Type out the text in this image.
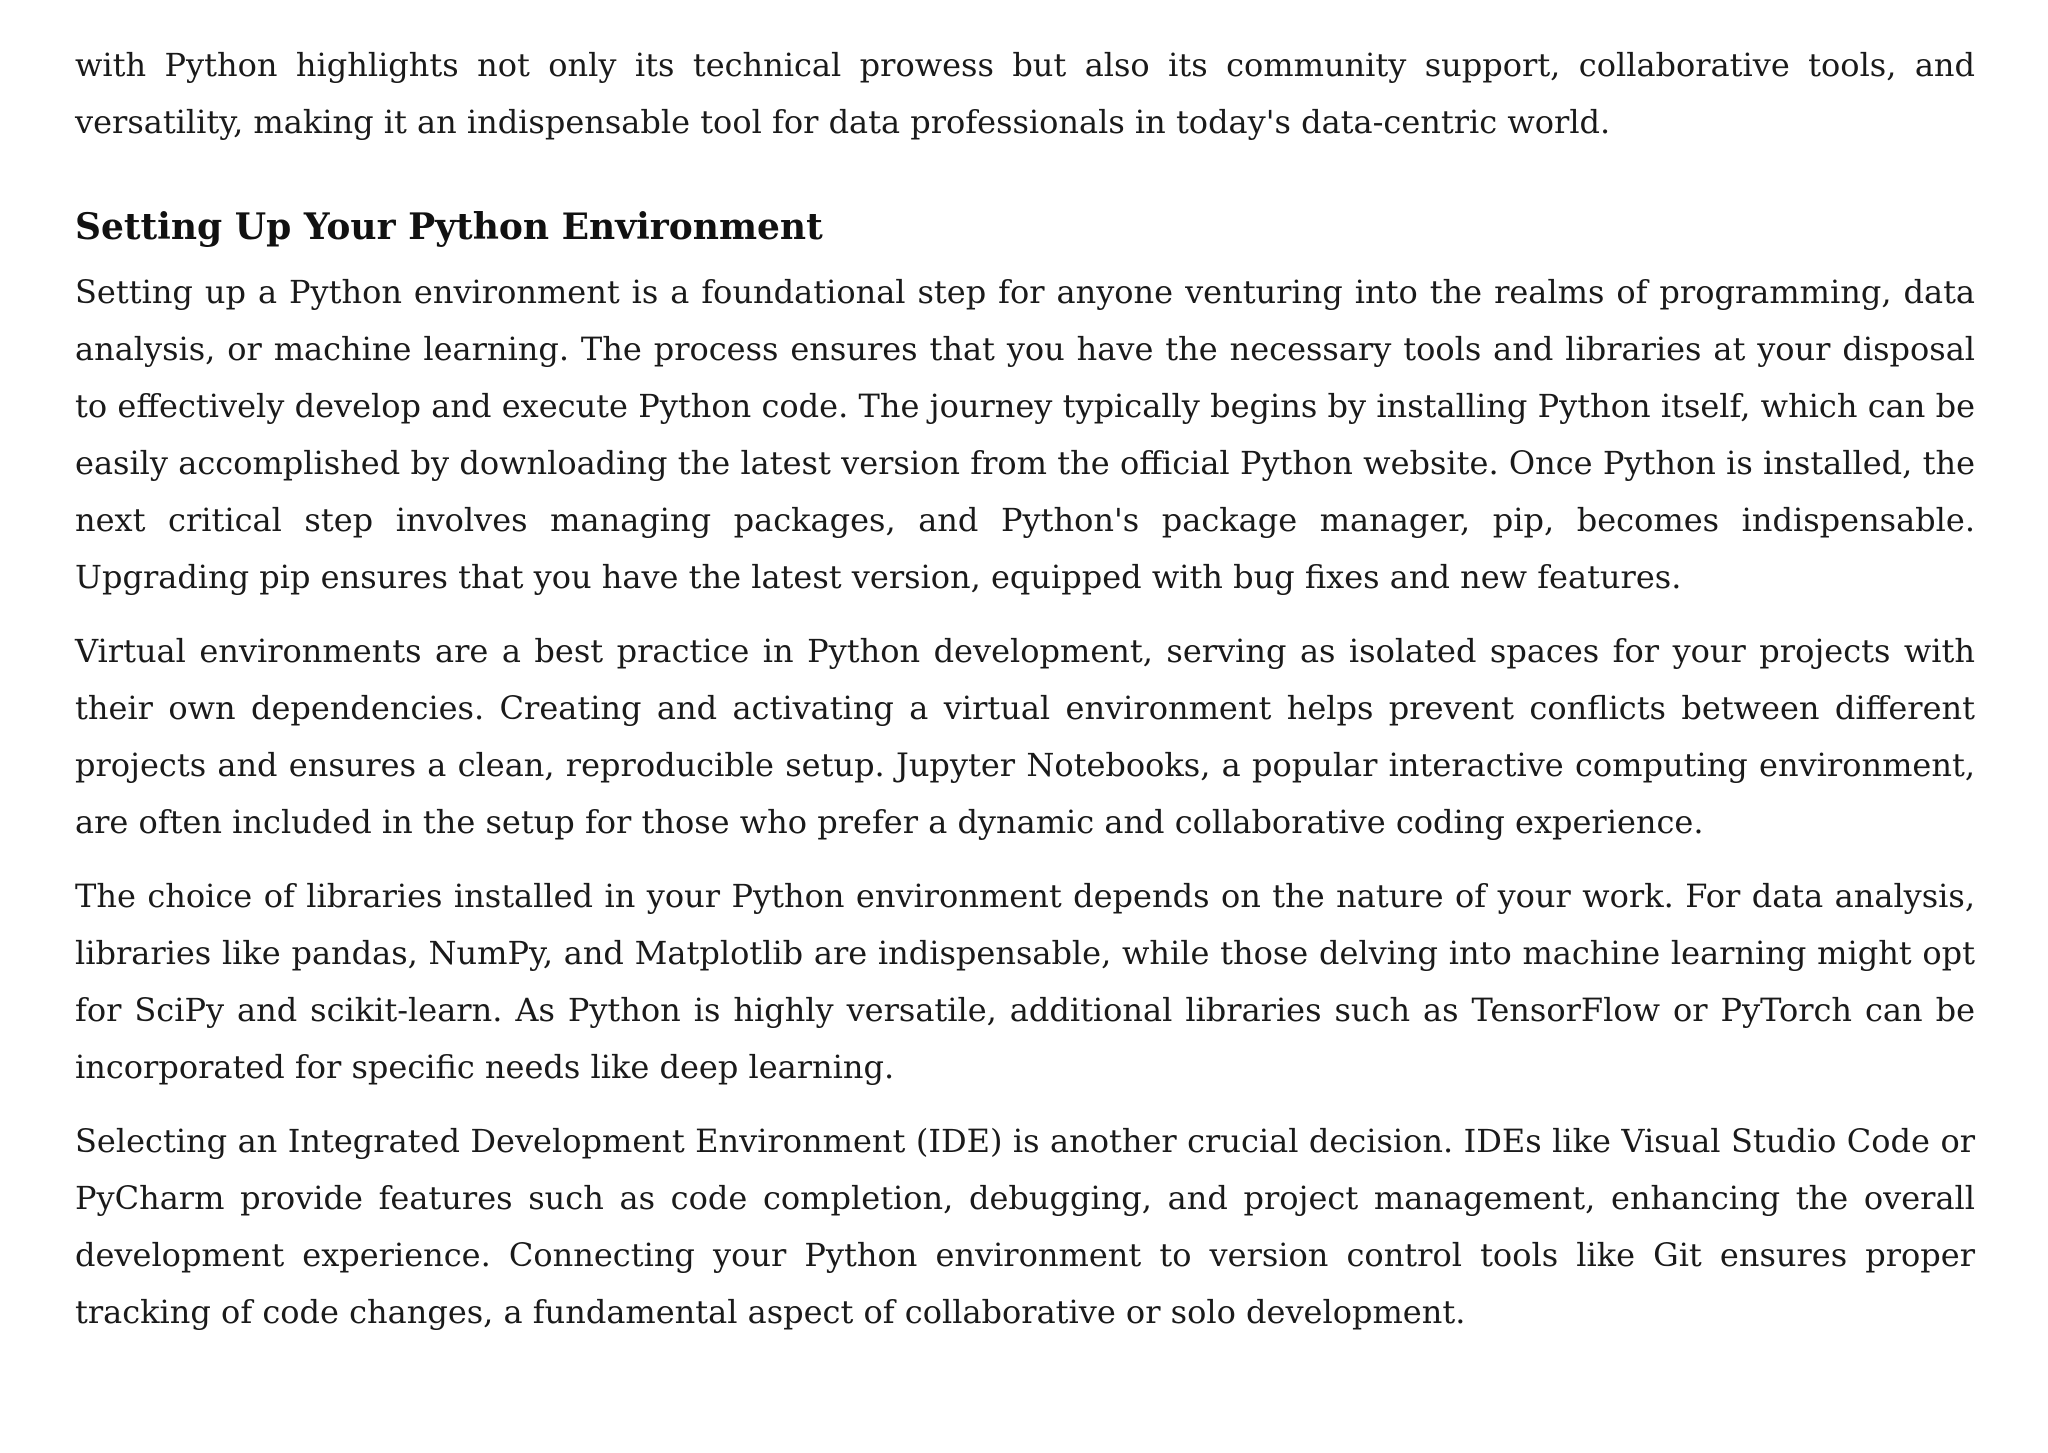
with Python highlights not only its technical prowess but also its community support, collaborative tools, and versatility, making it an indispensable tool for data professionals in today's data-centric world.

Setting Up Your Python Environment

Setting up a Python environment is a foundational step for anyone venturing into the realms of programming, data analysis, or machine learning. The process ensures that you have the necessary tools and libraries at your disposal to effectively develop and execute Python code. The journey typically begins by installing Python itself, which can be easily accomplished by downloading the latest version from the official Python website. Once Python is installed, the next critical step involves managing packages, and Python's package manager, pip, becomes indispensable. Upgrading pip ensures that you have the latest version, equipped with bug fixes and new features.

Virtual environments are a best practice in Python development, serving as isolated spaces for your projects with their own dependencies. Creating and activating a virtual environment helps prevent conflicts between different projects and ensures a clean, reproducible setup. Jupyter Notebooks, a popular interactive computing environment, are often included in the setup for those who prefer a dynamic and collaborative coding experience.

The choice of libraries installed in your Python environment depends on the nature of your work. For data analysis, libraries like pandas, NumPy, and Matplotlib are indispensable, while those delving into machine learning might opt for SciPy and scikit-learn. As Python is highly versatile, additional libraries such as TensorFlow or PyTorch can be incorporated for specific needs like deep learning.

Selecting an Integrated Development Environment (IDE) is another crucial decision. IDEs like Visual Studio Code or PyCharm provide features such as code completion, debugging, and project management, enhancing the overall development experience. Connecting your Python environment to version control tools like Git ensures proper tracking of code changes, a fundamental aspect of collaborative or solo development.
